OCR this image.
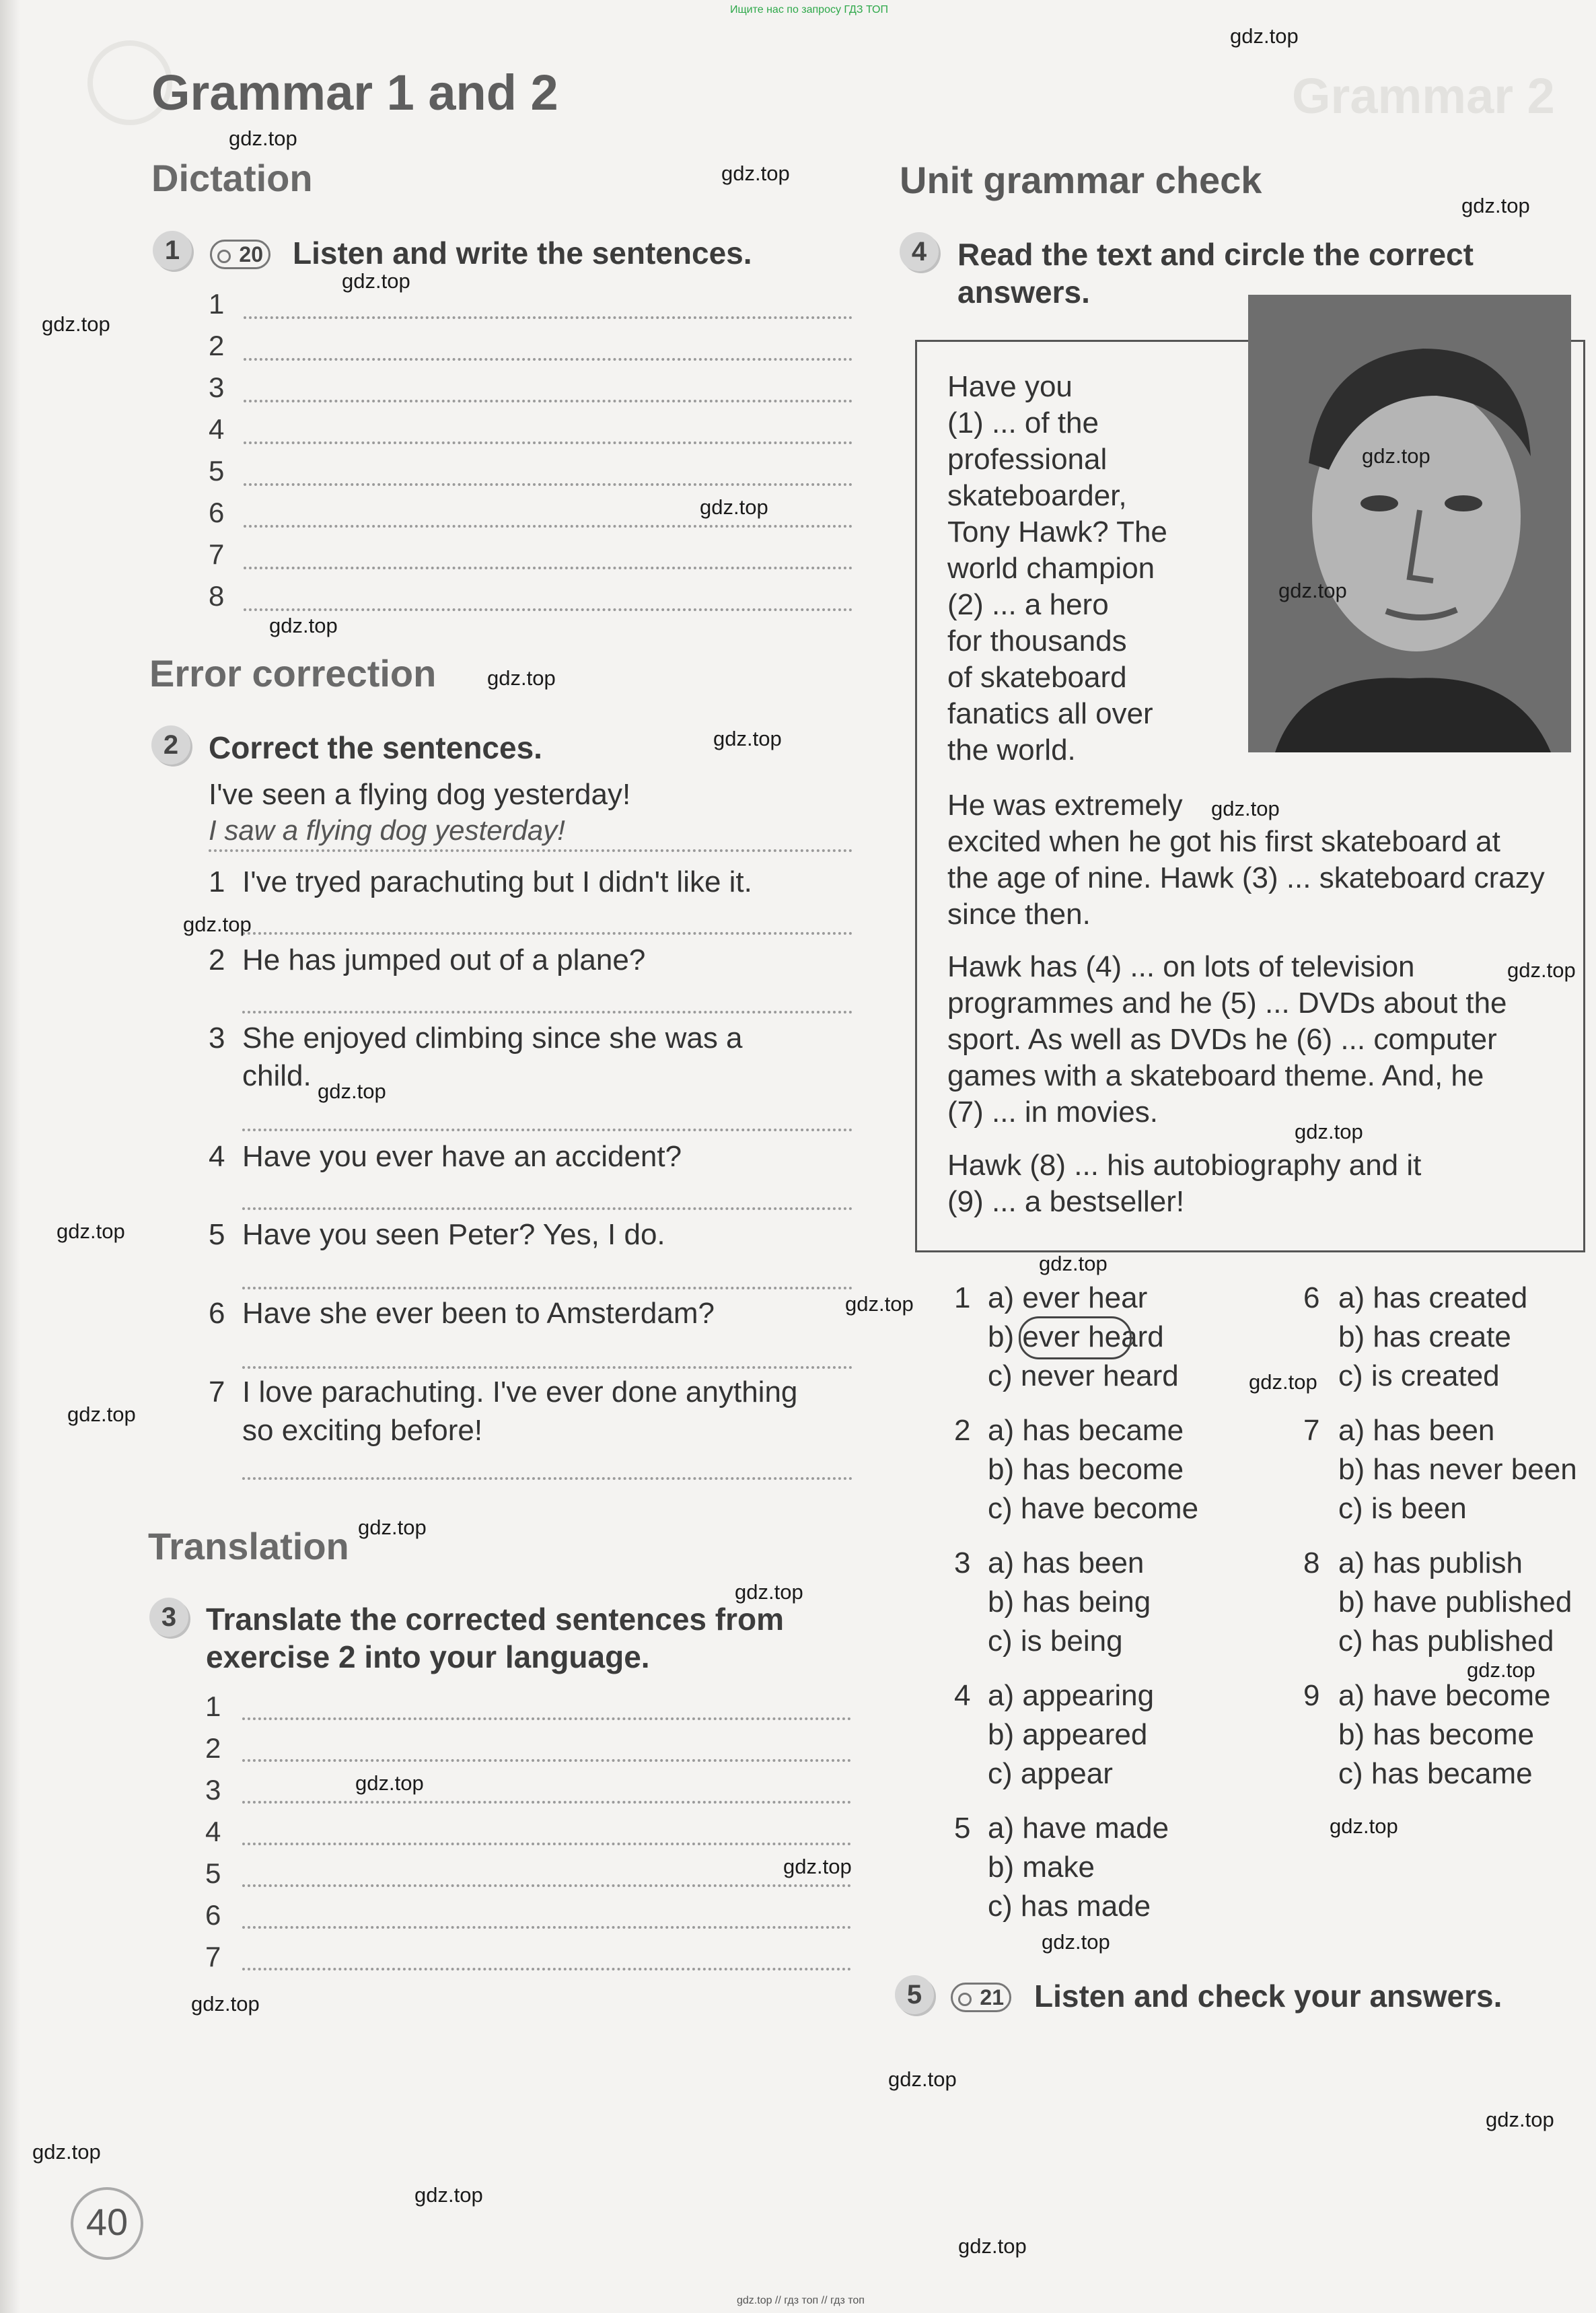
Ищите нас по запросу ГДЗ ТОП
Grammar 2
Grammar 1 and 2
Dictation
1	20 Listen and write the sentences.
1
2
3
4
5
6
7
8
Error correction
2 Correct the sentences.
I've seen a flying dog yesterday!
I saw a flying dog yesterday!
1 I've tryed parachuting but I didn't like it.
2 He has jumped out of a plane?
3 She enjoyed climbing since she was a
child.
4 Have you ever have an accident?
5 Have you seen Peter? Yes, I do.
6 Have she ever been to Amsterdam?
7 I love parachuting. I've ever done anything
so exciting before!
Translation
3 Translate the corrected sentences from
exercise 2 into your language.
1
2
3
4
5
6
7
Unit grammar check
4 Read the text and circle the correct
answers.
Have you
(1) ... of the
professional
skateboarder,
Tony Hawk? The
world champion
(2) ... a hero
for thousands
of skateboard
fanatics all over
the world.
He was extremely
excited when he got his first skateboard at
the age of nine. Hawk (3) ... skateboard crazy
since then.
Hawk has (4) ... on lots of television
programmes and he (5) ... DVDs about the
sport. As well as DVDs he (6) ... computer
games with a skateboard theme. And, he
(7) ... in movies.
Hawk (8) ... his autobiography and it
(9) ... a bestseller!
1 a) ever hear
b) ever heard
c) never heard
2 a) has became
b) has become
c) have become
3 a) has been
b) has being
c) is being
4 a) appearing
b) appeared
c) appear
5 a) have made
b) make
c) has made
6 a) has created
b) has create
c) is created
7 a) has been
b) has never been
c) is been
8 a) has publish
b) have published
c) has published
9 a) have become
b) has become
c) has became
5	21 Listen and check your answers.
40
gdz.top // гдз топ // гдз топ
gdz.top
gdz.top
gdz.top
gdz.top
gdz.top
gdz.top
gdz.top
gdz.top
gdz.top
gdz.top
gdz.top
gdz.top
gdz.top
gdz.top
gdz.top
gdz.top
gdz.top
gdz.top
gdz.top
gdz.top
gdz.top
gdz.top
gdz.top
gdz.top
gdz.top
gdz.top
gdz.top
gdz.top
gdz.top
gdz.top
gdz.top
gdz.top
gdz.top
gdz.top
gdz.top
